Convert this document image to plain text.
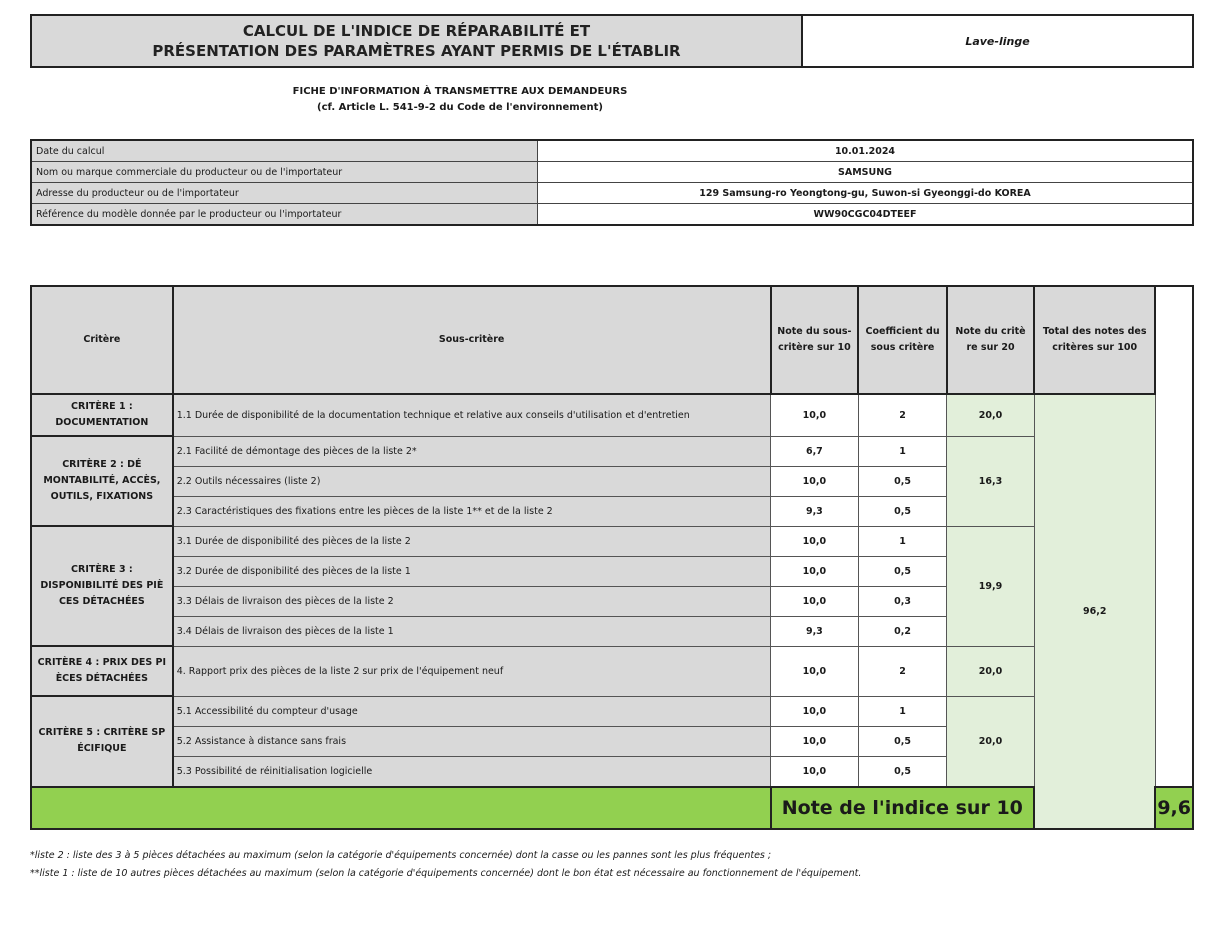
CALCUL DE L'INDICE DE RÉPARABILITÉ ET
PRÉSENTATION DES PARAMÈTRES AYANT PERMIS DE L'ÉTABLIR
	Lave-linge
FICHE D'INFORMATION À TRANSMETTRE AUX DEMANDEURS
(cf. Article L. 541-9-2 du Code de l'environnement)
Date du calcul	10.01.2024
Nom ou marque commerciale du producteur ou de l'importateur	SAMSUNG
Adresse du producteur ou de l'importateur	129 Samsung-ro Yeongtong-gu, Suwon-si Gyeonggi-do KOREA
Référence du modèle donnée par le producteur ou l'importateur	WW90CGC04DTEEF
Critère	Sous-critère	Note du sous-critère sur 10	Coefficient du sous critère	Note du critè re sur 20	Total des notes des critères sur 100	
CRITÈRE 1 : DOCUMENTATION	1.1 Durée de disponibilité de la documentation technique et relative aux conseils d'utilisation et d'entretien	10,0	2	20,0	96,2	
CRITÈRE 2 : DÉ MONTABILITÉ, ACCÈS, OUTILS, FIXATIONS	2.1 Facilité de démontage des pièces de la liste 2*	6,7	1	16,3		
	2.2 Outils nécessaires (liste 2)	10,0	0,5			
	2.3 Caractéristiques des fixations entre les pièces de la liste 1** et de la liste 2	9,3	0,5			
CRITÈRE 3 : DISPONIBILITÉ DES PIÈ CES DÉTACHÉES	3.1 Durée de disponibilité des pièces de la liste 2	10,0	1	19,9		
	3.2 Durée de disponibilité des pièces de la liste 1	10,0	0,5			
	3.3 Délais de livraison des pièces de la liste 2	10,0	0,3			
	3.4 Délais de livraison des pièces de la liste 1	9,3	0,2			
CRITÈRE 4 : PRIX DES PI ÈCES DÉTACHÉES	4. Rapport prix des pièces de la liste 2 sur prix de l'équipement neuf	10,0	2	20,0		
CRITÈRE 5 : CRITÈRE SP ÉCIFIQUE	5.1 Accessibilité du compteur d'usage	10,0	1	20,0		
	5.2 Assistance à distance sans frais	10,0	0,5			
	5.3 Possibilité de réinitialisation logicielle	10,0	0,5			
		Note de l'indice sur 10				9,6
*liste 2 : liste des 3 à 5 pièces détachées au maximum (selon la catégorie d'équipements concernée) dont la casse ou les pannes sont les plus fréquentes ;
**liste 1 : liste de 10 autres pièces détachées au maximum (selon la catégorie d'équipements concernée) dont le bon état est nécessaire au fonctionnement de l'équipement.
